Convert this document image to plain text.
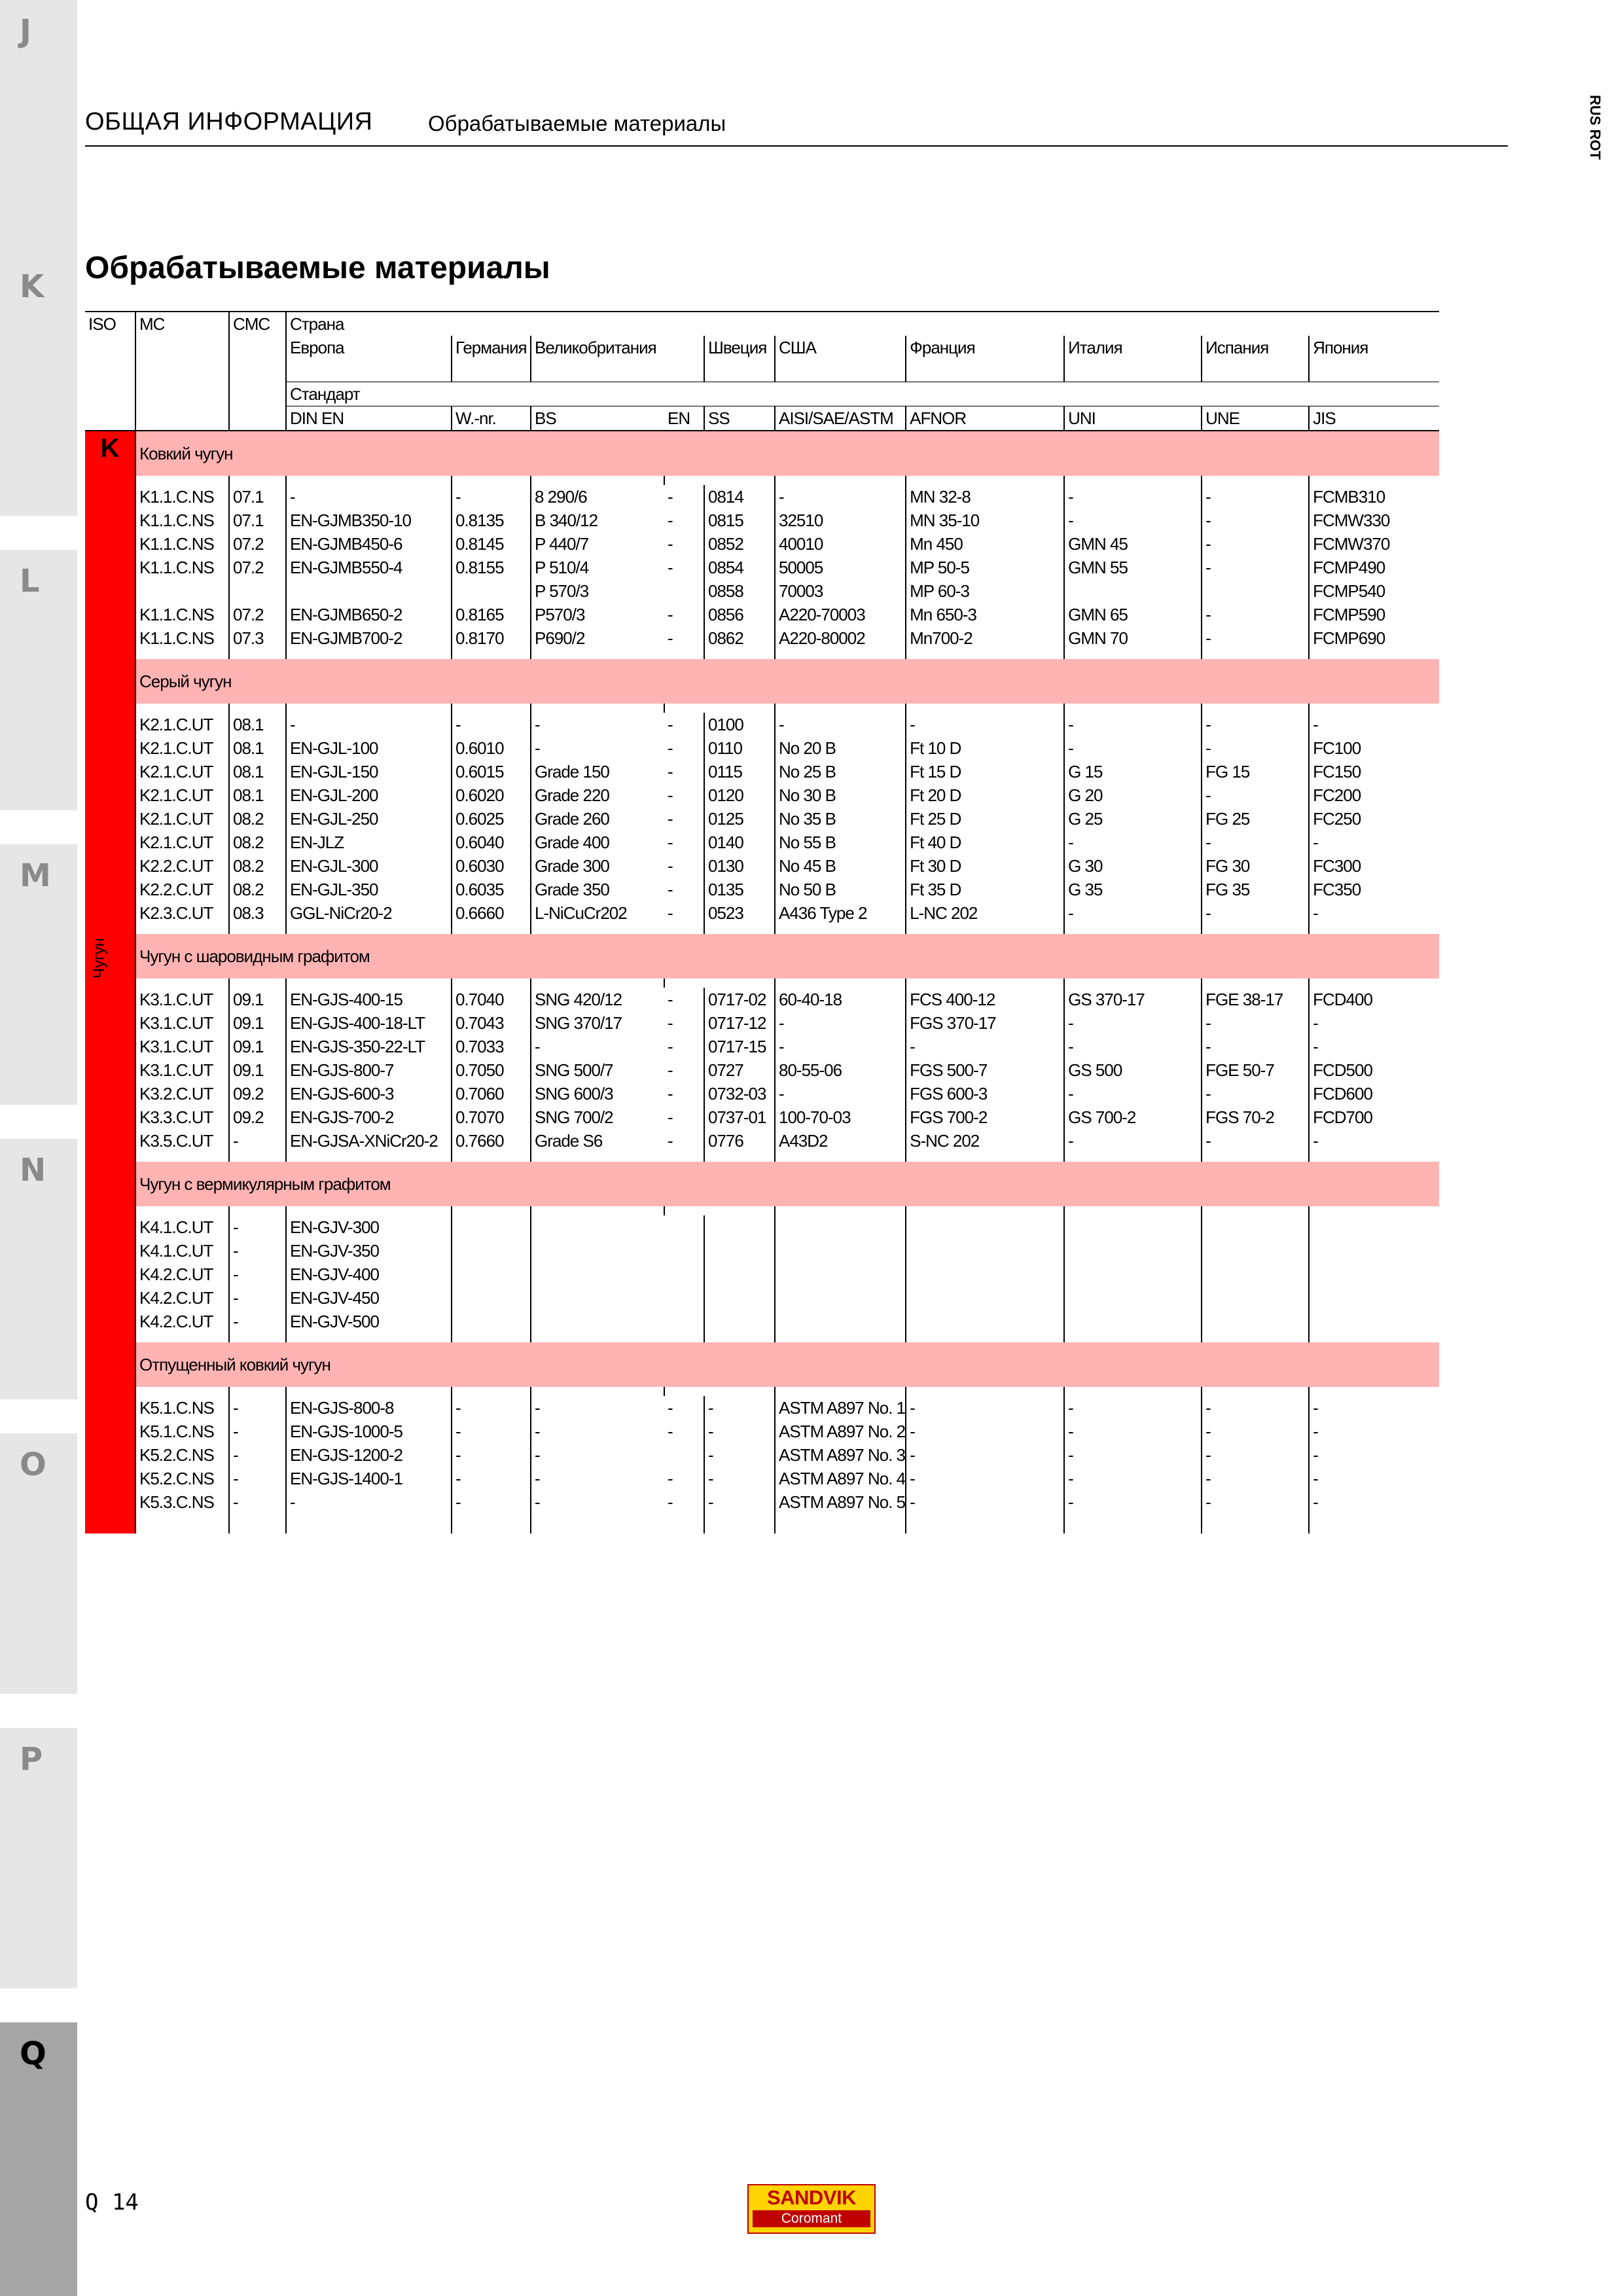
J
K
L
M
N
O
P
Q
ОБЩАЯ ИНФОРМАЦИЯ	Обрабатываемые материалы	RUS ROT
Обрабатываемые материалы
ISO	MC	CMC	Страна									
			Европа	Германия	Великобритания		Швеция	США	Франция	Италия	Испания	Япония
			Стандарт									
			DIN EN	W.-nr.	BS	EN	SS	AISI/SAE/ASTM	AFNOR	UNI	UNE	JIS

K
Чугун	Ковкий чугун											

	K1.1.C.NS	07.1	-	-	8 290/6	-	0814	-	MN 32-8	-	-	FCMB310
	K1.1.C.NS	07.1	EN-GJMB350-10	0.8135	B 340/12	-	0815	32510	MN 35-10	-	-	FCMW330
	K1.1.C.NS	07.2	EN-GJMB450-6	0.8145	P 440/7	-	0852	40010	Mn 450	GMN 45	-	FCMW370
	K1.1.C.NS	07.2	EN-GJMB550-4	0.8155	P 510/4	-	0854	50005	MP 50-5	GMN 55	-	FCMP490
					P 570/3		0858	70003	MP 60-3			FCMP540
	K1.1.C.NS	07.2	EN-GJMB650-2	0.8165	P570/3	-	0856	A220-70003	Mn 650-3	GMN 65	-	FCMP590
	K1.1.C.NS	07.3	EN-GJMB700-2	0.8170	P690/2	-	0862	A220-80002	Mn700-2	GMN 70	-	FCMP690

	Серый чугун											

	K2.1.C.UT	08.1	-	-	-	-	0100	-	-	-	-	-
	K2.1.C.UT	08.1	EN-GJL-100	0.6010	-	-	0110	No 20 B	Ft 10 D	-	-	FC100
	K2.1.C.UT	08.1	EN-GJL-150	0.6015	Grade 150	-	0115	No 25 B	Ft 15 D	G 15	FG 15	FC150
	K2.1.C.UT	08.1	EN-GJL-200	0.6020	Grade 220	-	0120	No 30 B	Ft 20 D	G 20	-	FC200
	K2.1.C.UT	08.2	EN-GJL-250	0.6025	Grade 260	-	0125	No 35 B	Ft 25 D	G 25	FG 25	FC250
	K2.1.C.UT	08.2	EN-JLZ	0.6040	Grade 400	-	0140	No 55 B	Ft 40 D	-	-	-
	K2.2.C.UT	08.2	EN-GJL-300	0.6030	Grade 300	-	0130	No 45 B	Ft 30 D	G 30	FG 30	FC300
	K2.2.C.UT	08.2	EN-GJL-350	0.6035	Grade 350	-	0135	No 50 B	Ft 35 D	G 35	FG 35	FC350
	K2.3.C.UT	08.3	GGL-NiCr20-2	0.6660	L-NiCuCr202	-	0523	A436 Type 2	L-NC 202	-	-	-

	Чугун с шаровидным графитом											

	K3.1.C.UT	09.1	EN-GJS-400-15	0.7040	SNG 420/12	-	0717-02	60-40-18	FCS 400-12	GS 370-17	FGE 38-17	FCD400
	K3.1.C.UT	09.1	EN-GJS-400-18-LT	0.7043	SNG 370/17	-	0717-12	-	FGS 370-17	-	-	-
	K3.1.C.UT	09.1	EN-GJS-350-22-LT	0.7033	-	-	0717-15	-	-	-	-	-
	K3.1.C.UT	09.1	EN-GJS-800-7	0.7050	SNG 500/7	-	0727	80-55-06	FGS 500-7	GS 500	FGE 50-7	FCD500
	K3.2.C.UT	09.2	EN-GJS-600-3	0.7060	SNG 600/3	-	0732-03	-	FGS 600-3	-	-	FCD600
	K3.3.C.UT	09.2	EN-GJS-700-2	0.7070	SNG 700/2	-	0737-01	100-70-03	FGS 700-2	GS 700-2	FGS 70-2	FCD700
	K3.5.C.UT	-	EN-GJSA-XNiCr20-2	0.7660	Grade S6	-	0776	A43D2	S-NC 202	-	-	-

	Чугун с вермикулярным графитом											

	K4.1.C.UT	-	EN-GJV-300									
	K4.1.C.UT	-	EN-GJV-350									
	K4.2.C.UT	-	EN-GJV-400									
	K4.2.C.UT	-	EN-GJV-450									
	K4.2.C.UT	-	EN-GJV-500									

	Отпущенный ковкий чугун											

	K5.1.C.NS	-	EN-GJS-800-8	-	-	-	-	ASTM A897 No. 1	-	-	-	-
	K5.1.C.NS	-	EN-GJS-1000-5	-	-	-	-	ASTM A897 No. 2	-	-	-	-
	K5.2.C.NS	-	EN-GJS-1200-2	-	-		-	ASTM A897 No. 3	-	-	-	-
	K5.2.C.NS	-	EN-GJS-1400-1	-	-	-	-	ASTM A897 No. 4	-	-	-	-
	K5.3.C.NS	-	-	-	-	-	-	ASTM A897 No. 5	-	-	-	-

Q 14	SANDVIK
Coromant
